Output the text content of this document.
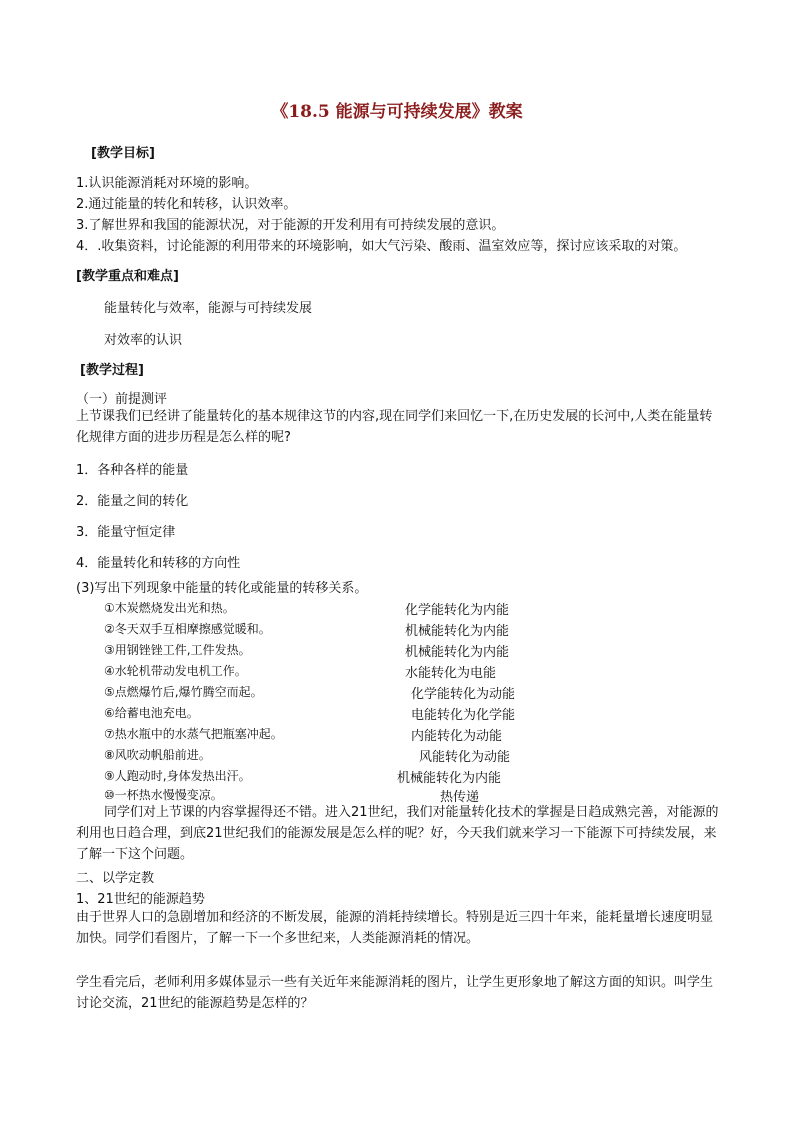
《18.5 能源与可持续发展》教案
[教学目标]
1.认识能源消耗对环境的影响。
2.通过能量的转化和转移，认识效率。
3.了解世界和我国的能源状况，对于能源的开发利用有可持续发展的意识。
4．.收集资料，讨论能源的利用带来的环境影响，如大气污染、酸雨、温室效应等，探讨应该采取的对策。
[教学重点和难点]
能量转化与效率，能源与可持续发展
对效率的认识
[教学过程]
（一）前提测评
上节课我们已经讲了能量转化的基本规律这节的内容,现在同学们来回忆一下,在历史发展的长河中,人类在能量转化规律方面的进步历程是怎么样的呢?
1．各种各样的能量
2．能量之间的转化
3．能量守恒定律
4．能量转化和转移的方向性
(3)写出下列现象中能量的转化或能量的转移关系。
①木炭燃烧发出光和热。	化学能转化为内能
②冬天双手互相摩擦感觉暖和。	机械能转化为内能
③用钢锉锉工件,工件发热。	机械能转化为内能
④水轮机带动发电机工作。	水能转化为电能
⑤点燃爆竹后,爆竹腾空而起。	化学能转化为动能
⑥给蓄电池充电。	电能转化为化学能
⑦热水瓶中的水蒸气把瓶塞冲起。	内能转化为动能
⑧风吹动帆船前进。	风能转化为动能
⑨人跑动时,身体发热出汗。	机械能转化为内能
⑩一杯热水慢慢变凉。	热传递
同学们对上节课的内容掌握得还不错。进入21世纪，我们对能量转化技术的掌握是日趋成熟完善，对能源的利用也日趋合理，到底21世纪我们的能源发展是怎么样的呢？好，今天我们就来学习一下能源下可持续发展，来了解一下这个问题。
二、以学定教
1、21世纪的能源趋势
由于世界人口的急剧增加和经济的不断发展，能源的消耗持续增长。特别是近三四十年来，能耗量增长速度明显加快。同学们看图片，了解一下一个多世纪来，人类能源消耗的情况。
学生看完后，老师利用多媒体显示一些有关近年来能源消耗的图片，让学生更形象地了解这方面的知识。叫学生讨论交流，21世纪的能源趋势是怎样的？
